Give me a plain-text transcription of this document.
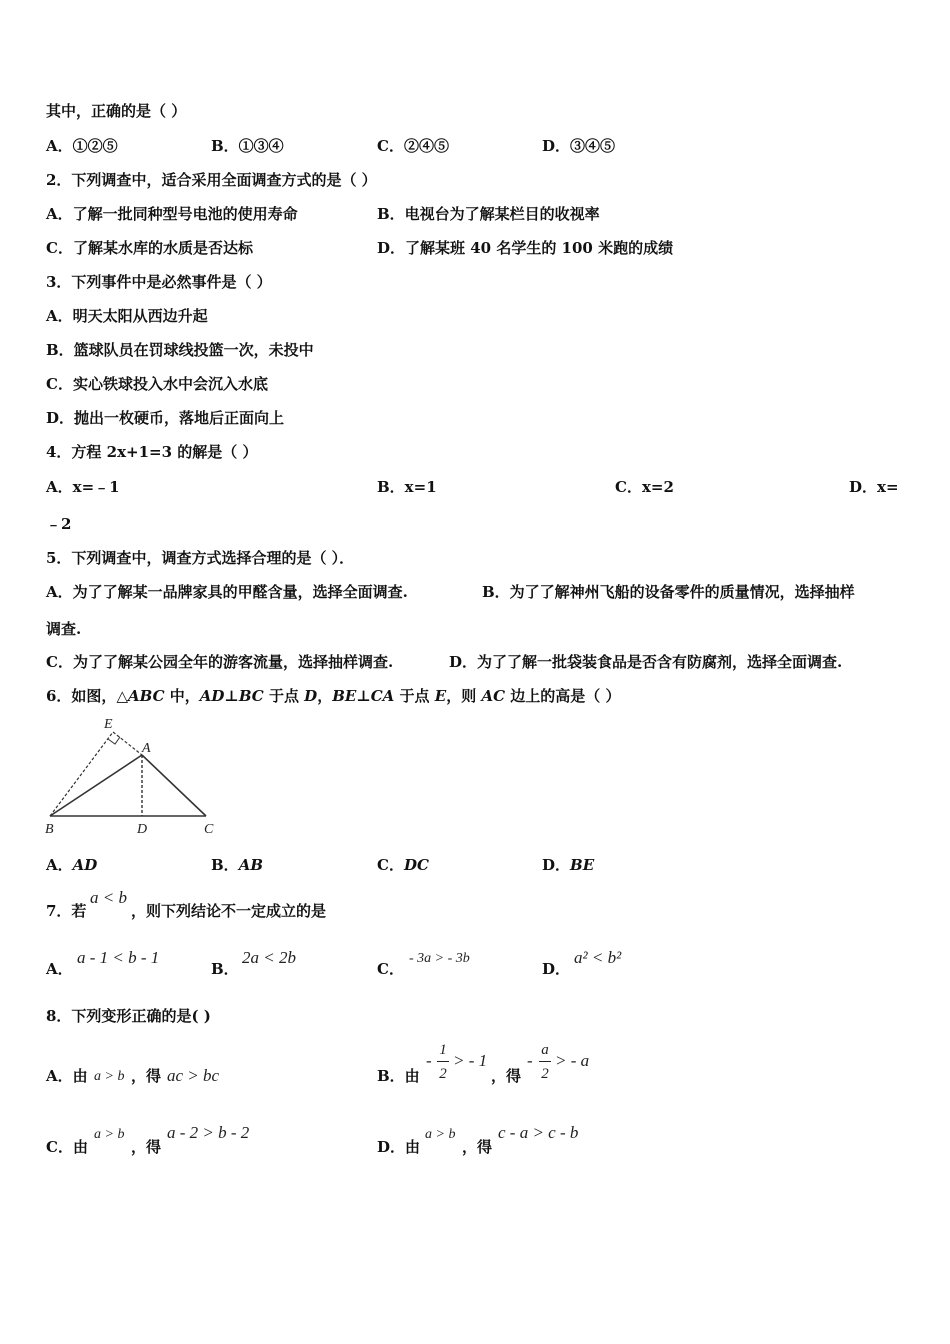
其中，正确的是（ ）
A．①②⑤	B．①③④	C．②④⑤	D．③④⑤
2．下列调查中，适合采用全面调查方式的是（ ）
A．了解一批同种型号电池的使用寿命	B．电视台为了解某栏目的收视率
C．了解某水库的水质是否达标	D．了解某班 40 名学生的 100 米跑的成绩
3．下列事件中是必然事件是（ ）
A．明天太阳从西边升起
B．篮球队员在罚球线投篮一次，未投中
C．实心铁球投入水中会沉入水底
D．抛出一枚硬币，落地后正面向上
4．方程 2x+1=3 的解是（ ）
A．x=﹣1	B．x=1	C．x=2	D．x=
﹣2
5．下列调查中，调查方式选择合理的是（ ）．
A．为了了解某一品牌家具的甲醛含量，选择全面调查.	B．为了了解神州飞船的设备零件的质量情况，选择抽样
调查.
C．为了了解某公园全年的游客流量，选择抽样调查.	D．为了了解一批袋装食品是否含有防腐剂，选择全面调查.
6．如图，△ABC 中，AD⊥BC 于点 D，BE⊥CA 于点 E，则 AC 边上的高是（ ）
E
A
B	D	C
A．AD	B．AB	C．DC	D．BE
7．若
a < b
，则下列结论不一定成立的是
A．
a - 1 < b - 1
B．
2a < 2b
C．
- 3a > - 3b
D．
a² < b²
8．下列变形正确的是( )
A．由 a > b ，得 ac > bc	B．由
-
1
2
> - 1
，得
-
a
2
> - a
C．由
a > b
，得
a - 2 > b - 2
D．由
a > b
，得
c - a > c - b
